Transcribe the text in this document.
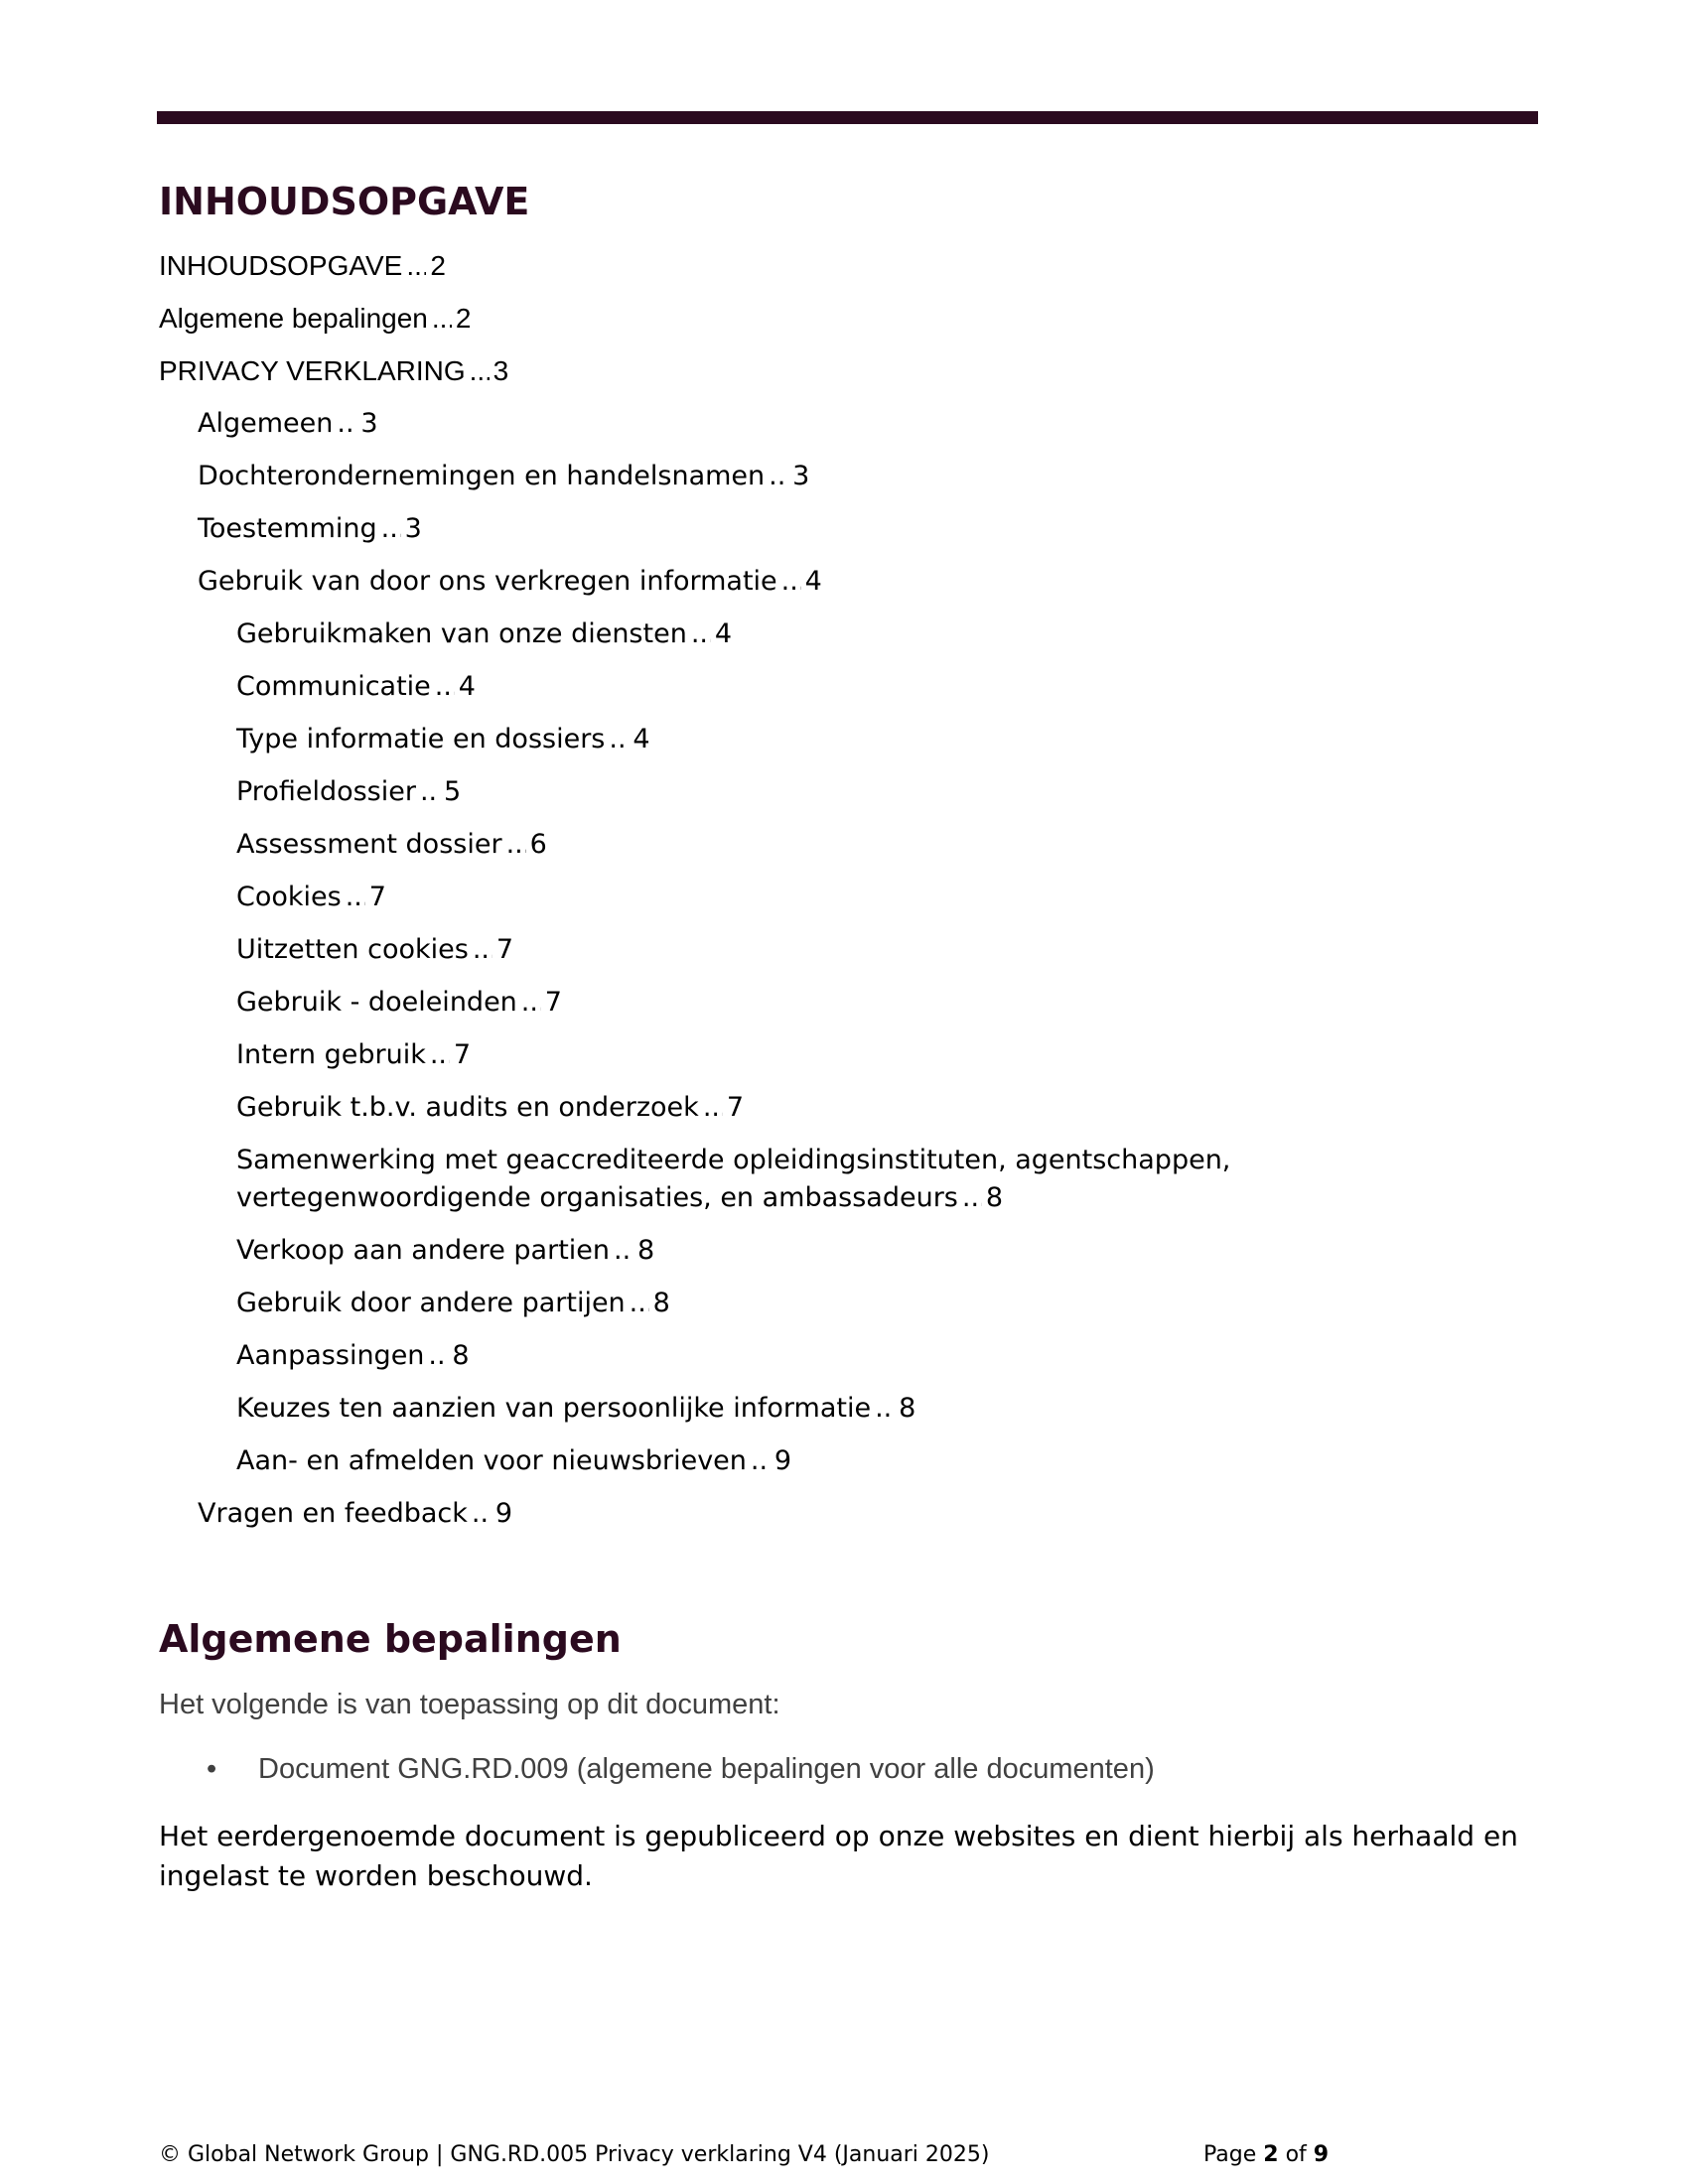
INHOUDSOPGAVE
INHOUDSOPGAVE ..... 2
Algemene bepalingen ..... 2
PRIVACY VERKLARING ..... 3
Algemeen ..... 3
Dochterondernemingen en handelsnamen ..... 3
Toestemming ..... 3
Gebruik van door ons verkregen informatie ..... 4
Gebruikmaken van onze diensten ..... 4
Communicatie ..... 4
Type informatie en dossiers ..... 4
Profieldossier ..... 5
Assessment dossier ..... 6
Cookies ..... 7
Uitzetten cookies ..... 7
Gebruik - doeleinden ..... 7
Intern gebruik ..... 7
Gebruik t.b.v. audits en onderzoek ..... 7
Samenwerking met geaccrediteerde opleidingsinstituten, agentschappen,
vertegenwoordigende organisaties, en ambassadeurs ..... 8
Verkoop aan andere partien ..... 8
Gebruik door andere partijen ..... 8
Aanpassingen ..... 8
Keuzes ten aanzien van persoonlijke informatie ..... 8
Aan- en afmelden voor nieuwsbrieven ..... 9
Vragen en feedback ..... 9
Algemene bepalingen

Het volgende is van toepassing op dit document:

• Document GNG.RD.009 (algemene bepalingen voor alle documenten)

Het eerdergenoemde document is gepubliceerd op onze websites en dient hierbij als herhaald en ingelast te worden beschouwd.

© Global Network Group | GNG.RD.005 Privacy verklaring V4 (Januari 2025)	Page 2 of 9
